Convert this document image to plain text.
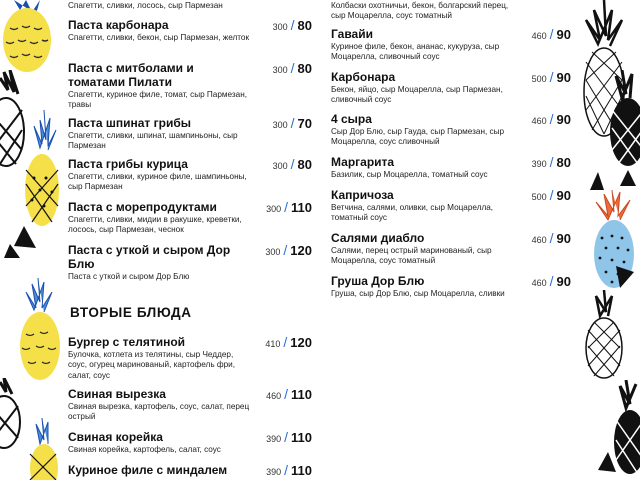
Спагетти, сливки, лосось, сыр Пармезан
Паста карбонара
Спагетти, сливки, бекон, сыр Пармезан, желток
300 / 80
Паста с митболами и томатами Пилати
Спагетти, куриное филе, томат, сыр Пармезан, травы
300 / 80
Паста шпинат грибы
Спагетти, сливки, шпинат, шампиньоны, сыр Пармезан
300 / 70
Паста грибы курица
Спагетти, сливки, куриное филе, шампиньоны, сыр Пармезан
300 / 80
Паста с морепродуктами
Спагетти, сливки, мидии в ракушке, креветки, лосось, сыр Пармезан, чеснок
300 / 110
Паста с уткой и сыром Дор Блю
Паста с уткой и сыром Дор Блю
300 / 120
ВТОРЫЕ БЛЮДА
Бургер с телятиной
Булочка, котлета из телятины, сыр Чеддер, соус, огурец маринованый, картофель фри, салат, соус
410 / 120
Свиная вырезка
Свиная вырезка, картофель, соус, салат, перец острый
460 / 110
Свиная корейка
Свиная корейка, картофель, салат, соус
390 / 110
Куриное филе с миндалем	390 / 110
Колбаски охотничьи, бекон, болгарский перец, сыр Моцарелла, соус томатный
Гавайи
Куриное филе, бекон, ананас, кукуруза, сыр Моцарелла, сливочный соус
460 / 90
Карбонара
Бекон, яйцо, сыр Моцарелла, сыр Пармезан, сливочный соус
500 / 90
4 сыра
Сыр Дор Блю, сыр Гауда, сыр Пармезан, сыр Моцарелла, соус сливочный
460 / 90
Маргарита
Базилик, сыр Моцарелла, томатный соус
390 / 80
Капричоза
Ветчина, салями, оливки, сыр Моцарелла, томатный соус
500 / 90
Салями диабло
Салями, перец острый маринованый, сыр Моцарелла, соус томатный
460 / 90
Груша Дор Блю
Груша, сыр Дор Блю, сыр Моцарелла, сливки
460 / 90
